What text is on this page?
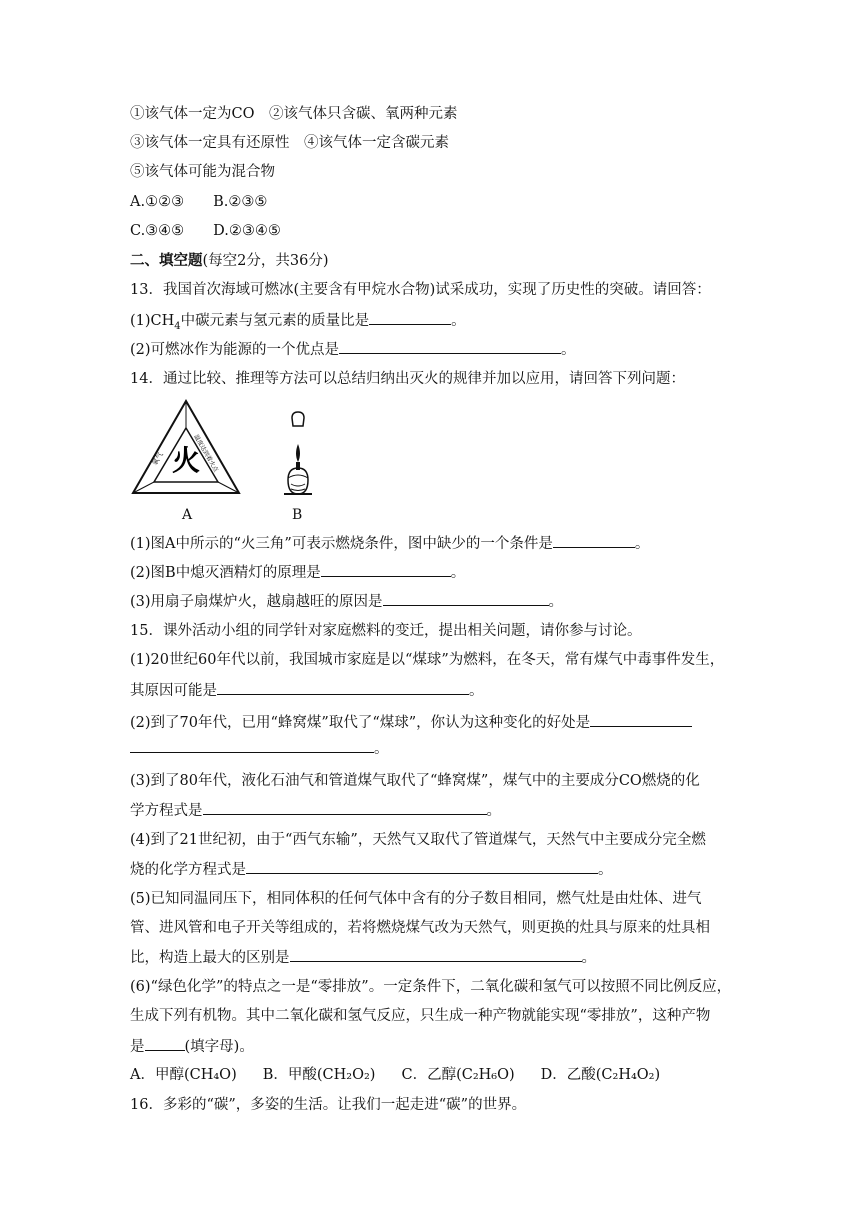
①该气体一定为CO　②该气体只含碳、氧两种元素
③该气体一定具有还原性　④该气体一定含碳元素
⑤该气体可能为混合物
A.①②③　　B.②③⑤
C.③④⑤　　D.②③④⑤
二、填空题(每空2分，共36分)
13．我国首次海域可燃冰(主要含有甲烷水合物)试采成功，实现了历史性的突破。请回答：
$(1)CH_4$中碳元素与氢元素的质量比是	。
(2)可燃冰作为能源的一个优点是	。
14．通过比较、推理等方法可以总结归纳出灭火的规律并加以应用，请回答下列问题：
火
氧气	温度达到着火点
A	B
(1)图A中所示的“火三角”可表示燃烧条件，图中缺少的一个条件是	。
(2)图B中熄灭酒精灯的原理是	。
(3)用扇子扇煤炉火，越扇越旺的原因是	。
15．课外活动小组的同学针对家庭燃料的变迁，提出相关问题，请你参与讨论。
(1)20世纪60年代以前，我国城市家庭是以“煤球”为燃料，在冬天，常有煤气中毒事件发生，
其原因可能是	。
(2)到了70年代，已用“蜂窝煤”取代了“煤球”，你认为这种变化的好处是
。
(3)到了80年代，液化石油气和管道煤气取代了“蜂窝煤”，煤气中的主要成分CO燃烧的化
学方程式是	。
(4)到了21世纪初，由于“西气东输”，天然气又取代了管道煤气，天然气中主要成分完全燃
烧的化学方程式是	。
(5)已知同温同压下，相同体积的任何气体中含有的分子数目相同，燃气灶是由灶体、进气
管、进风管和电子开关等组成的，若将燃烧煤气改为天然气，则更换的灶具与原来的灶具相
比，构造上最大的区别是	。
(6)“绿色化学”的特点之一是“零排放”。一定条件下，二氧化碳和氢气可以按照不同比例反应，
生成下列有机物。其中二氧化碳和氢气反应，只生成一种产物就能实现“零排放”，这种产物
是	(填字母)。
A．甲醇(CH₄O) B．甲酸(CH₂O₂) C．乙醇(C₂H₆O) D．乙酸(C₂H₄O₂)
16．多彩的“碳”，多姿的生活。让我们一起走进“碳”的世界。
